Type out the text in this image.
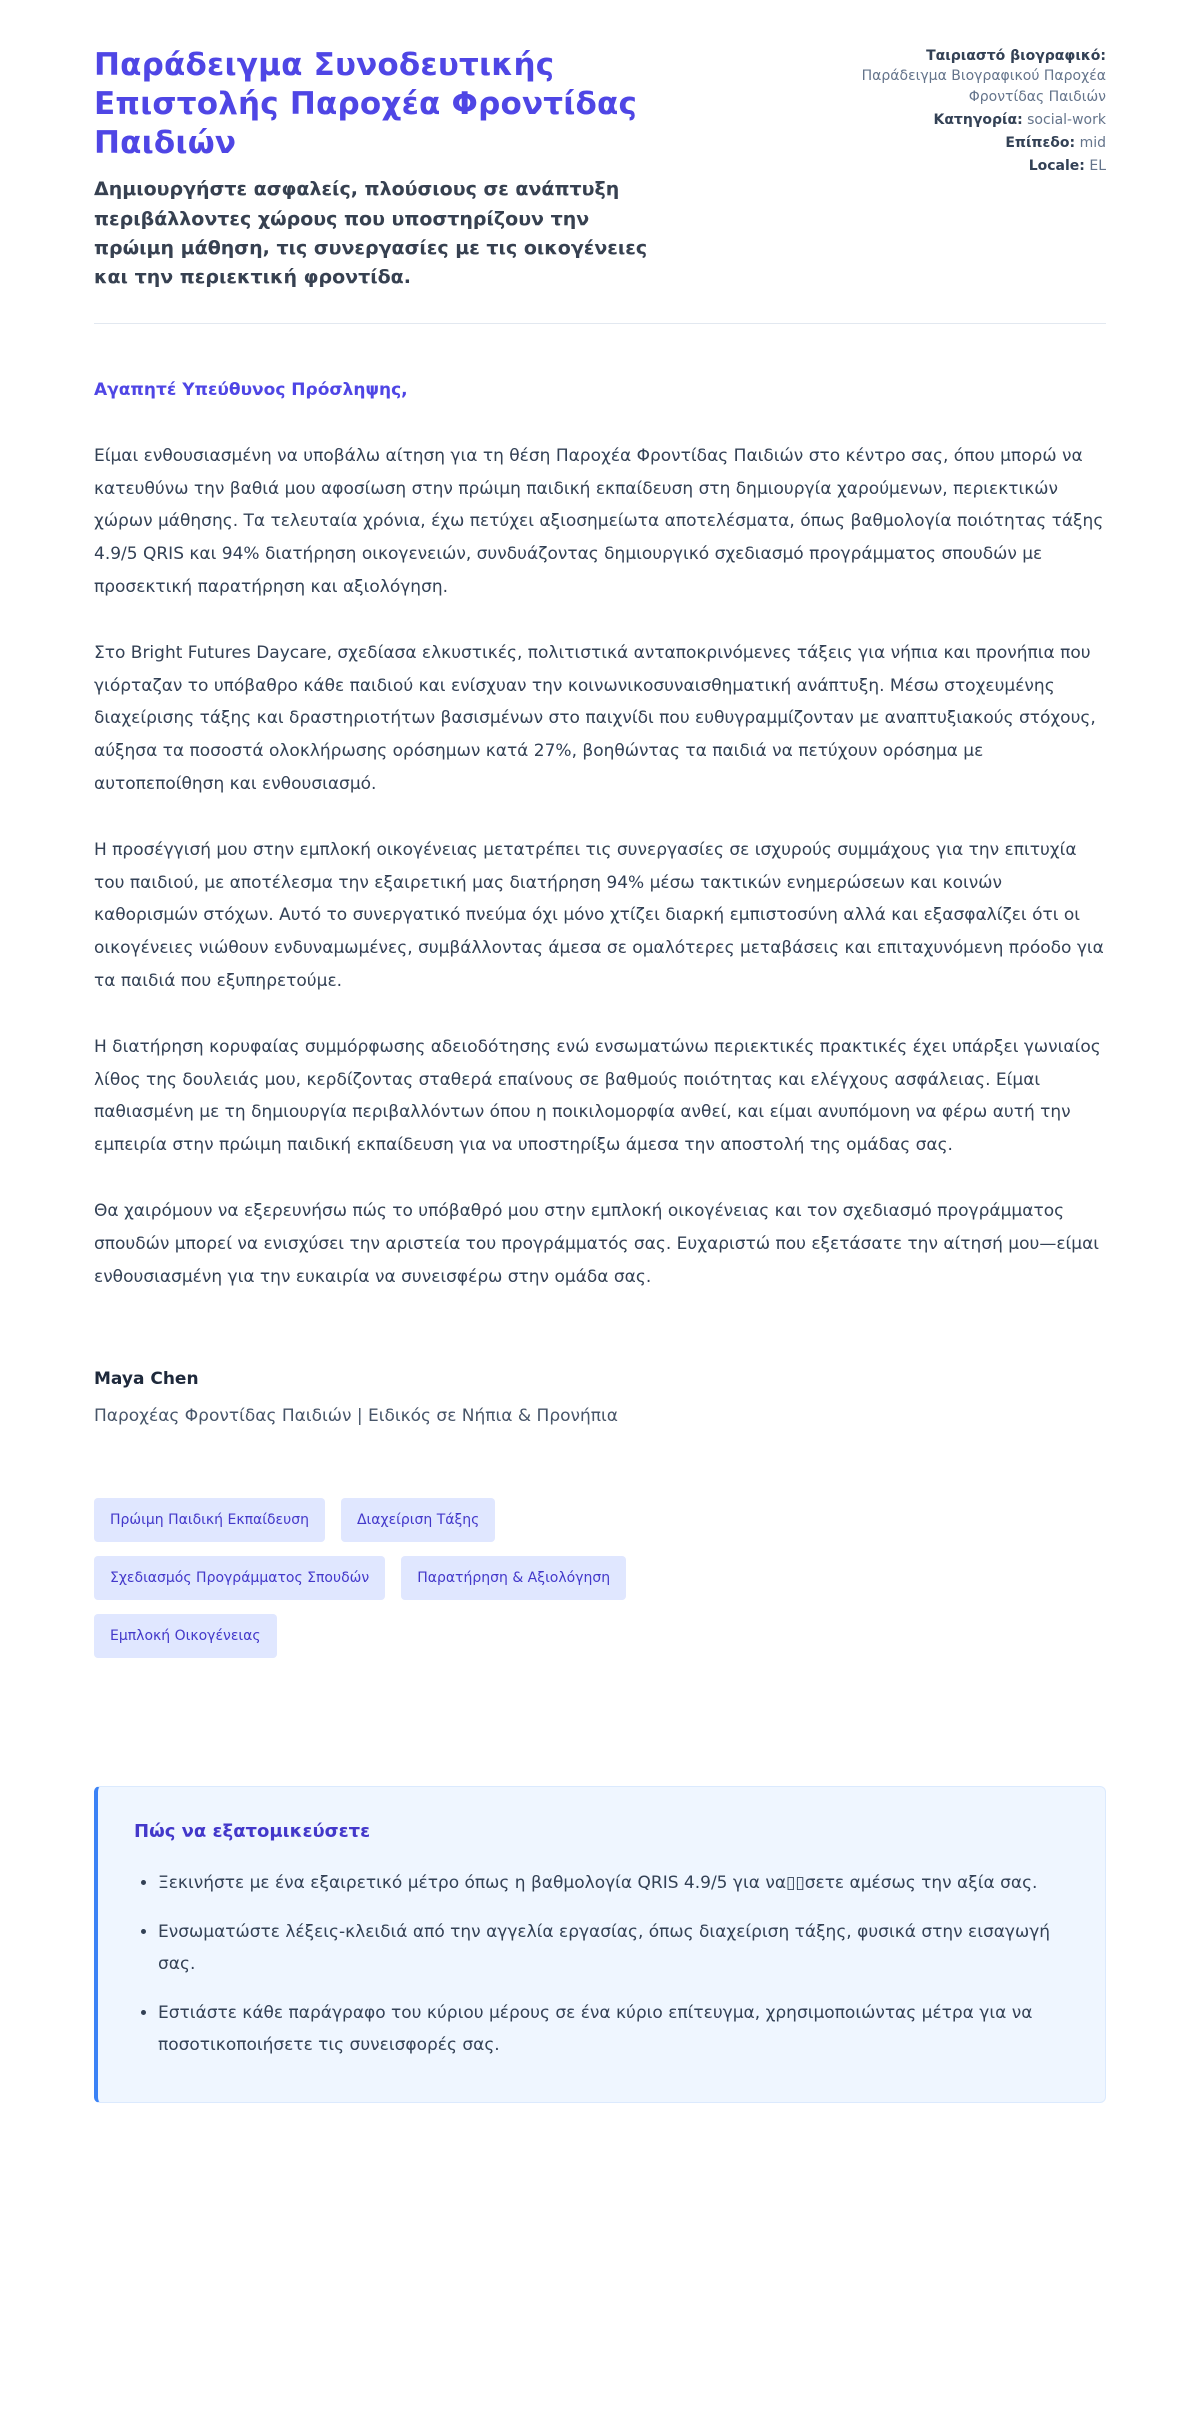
Παράδειγμα Συνοδευτικής Επιστολής Παροχέα Φροντίδας Παιδιών

Δημιουργήστε ασφαλείς, πλούσιους σε ανάπτυξη περιβάλλοντες χώρους που υποστηρίζουν την πρώιμη μάθηση, τις συνεργασίες με τις οικογένειες και την περιεκτική φροντίδα.

Ταιριαστό βιογραφικό: Παράδειγμα Βιογραφικού Παροχέα Φροντίδας Παιδιών
Κατηγορία: social-work
Επίπεδο: mid
Locale: EL

Αγαπητέ Υπεύθυνος Πρόσληψης,

Είμαι ενθουσιασμένη να υποβάλω αίτηση για τη θέση Παροχέα Φροντίδας Παιδιών στο κέντρο σας, όπου μπορώ να κατευθύνω την βαθιά μου αφοσίωση στην πρώιμη παιδική εκπαίδευση στη δημιουργία χαρούμενων, περιεκτικών χώρων μάθησης. Τα τελευταία χρόνια, έχω πετύχει αξιοσημείωτα αποτελέσματα, όπως βαθμολογία ποιότητας τάξης 4.9/5 QRIS και 94% διατήρηση οικογενειών, συνδυάζοντας δημιουργικό σχεδιασμό προγράμματος σπουδών με προσεκτική παρατήρηση και αξιολόγηση.

Στο Bright Futures Daycare, σχεδίασα ελκυστικές, πολιτιστικά ανταποκρινόμενες τάξεις για νήπια και προνήπια που γιόρταζαν το υπόβαθρο κάθε παιδιού και ενίσχυαν την κοινωνικοσυναισθηματική ανάπτυξη. Μέσω στοχευμένης διαχείρισης τάξης και δραστηριοτήτων βασισμένων στο παιχνίδι που ευθυγραμμίζονταν με αναπτυξιακούς στόχους, αύξησα τα ποσοστά ολοκλήρωσης ορόσημων κατά 27%, βοηθώντας τα παιδιά να πετύχουν ορόσημα με αυτοπεποίθηση και ενθουσιασμό.

Η προσέγγισή μου στην εμπλοκή οικογένειας μετατρέπει τις συνεργασίες σε ισχυρούς συμμάχους για την επιτυχία του παιδιού, με αποτέλεσμα την εξαιρετική μας διατήρηση 94% μέσω τακτικών ενημερώσεων και κοινών καθορισμών στόχων. Αυτό το συνεργατικό πνεύμα όχι μόνο χτίζει διαρκή εμπιστοσύνη αλλά και εξασφαλίζει ότι οι οικογένειες νιώθουν ενδυναμωμένες, συμβάλλοντας άμεσα σε ομαλότερες μεταβάσεις και επιταχυνόμενη πρόοδο για τα παιδιά που εξυπηρετούμε.

Η διατήρηση κορυφαίας συμμόρφωσης αδειοδότησης ενώ ενσωματώνω περιεκτικές πρακτικές έχει υπάρξει γωνιαίος λίθος της δουλειάς μου, κερδίζοντας σταθερά επαίνους σε βαθμούς ποιότητας και ελέγχους ασφάλειας. Είμαι παθιασμένη με τη δημιουργία περιβαλλόντων όπου η ποικιλομορφία ανθεί, και είμαι ανυπόμονη να φέρω αυτή την εμπειρία στην πρώιμη παιδική εκπαίδευση για να υποστηρίξω άμεσα την αποστολή της ομάδας σας.

Θα χαιρόμουν να εξερευνήσω πώς το υπόβαθρό μου στην εμπλοκή οικογένειας και τον σχεδιασμό προγράμματος σπουδών μπορεί να ενισχύσει την αριστεία του προγράμματός σας. Ευχαριστώ που εξετάσατε την αίτησή μου—είμαι ενθουσιασμένη για την ευκαιρία να συνεισφέρω στην ομάδα σας.

Maya Chen
Παροχέας Φροντίδας Παιδιών | Ειδικός σε Νήπια & Προνήπια
Πρώιμη Παιδική Εκπαίδευση	Διαχείριση Τάξης
Σχεδιασμός Προγράμματος Σπουδών	Παρατήρηση & Αξιολόγηση
Εμπλοκή Οικογένειας
Πώς να εξατομικεύσετε
• Ξεκινήστε με ένα εξαιρετικό μέτρο όπως η βαθμολογία QRIS 4.9/5 για να▯▯σετε αμέσως την αξία σας.
• Ενσωματώστε λέξεις-κλειδιά από την αγγελία εργασίας, όπως διαχείριση τάξης, φυσικά στην εισαγωγή σας.
• Εστιάστε κάθε παράγραφο του κύριου μέρους σε ένα κύριο επίτευγμα, χρησιμοποιώντας μέτρα για να ποσοτικοποιήσετε τις συνεισφορές σας.
